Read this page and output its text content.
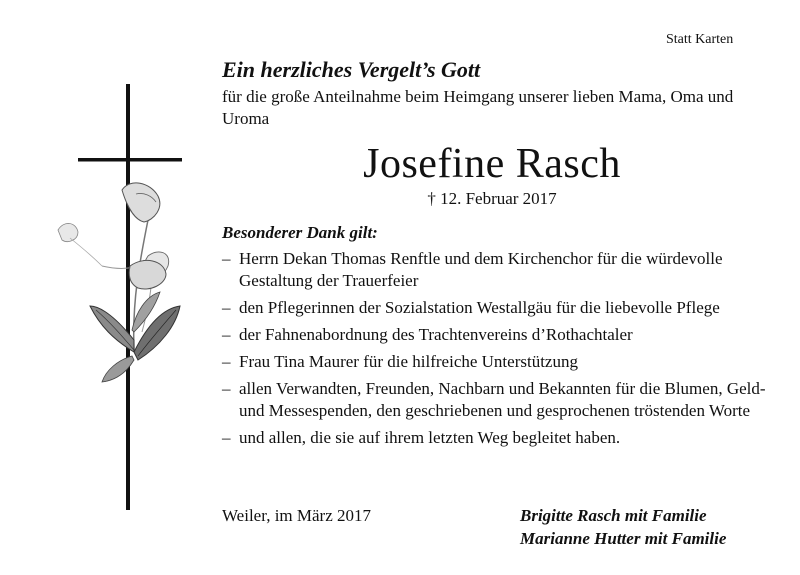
Statt Karten
Ein herzliches Vergelt’s Gott
für die große Anteilnahme beim Heimgang unserer lieben Mama, Oma und Uroma
Josefine Rasch
† 12. Februar 2017
Besonderer Dank gilt:
– Herrn Dekan Thomas Renftle und dem Kirchenchor für die würdevolle Gestaltung der Trauerfeier
– den Pflegerinnen der Sozialstation Westallgäu für die liebevolle Pflege
– der Fahnenabordnung des Trachtenvereins d’Rothachtaler
– Frau Tina Maurer für die hilfreiche Unterstützung
– allen Verwandten, Freunden, Nachbarn und Bekannten für die Blumen, Geld- und Messespenden, den geschriebenen und gesprochenen tröstenden Worte
– und allen, die sie auf ihrem letzten Weg begleitet haben.
Weiler, im März 2017	Brigitte Rasch mit Familie
Marianne Hutter mit Familie
